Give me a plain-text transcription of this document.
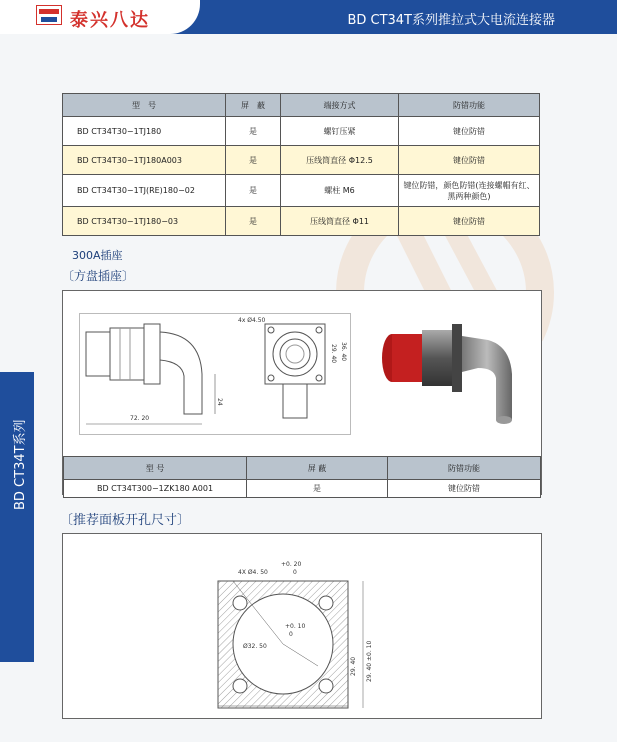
泰兴八达	BD CT34T系列推拉式大电流连接器
BD CT34T系列
型　号	屏　蔽	端接方式	防错功能
BD CT34T30−1TJ180	是	螺钉压紧	键位防错
BD CT34T30−1TJ180A003	是	压线筒直径 Φ12.5	键位防错
BD CT34T30−1TJ(RE)180−02	是	螺柱 M6	键位防错，颜色防错(连接螺帽有红、黑两种颜色)
BD CT34T30−1TJ180−03	是	压线筒直径 Φ11	键位防错
300A插座
〔方盘插座〕
72. 20
24
4x Ø4.50
29. 40 36. 40
型 号	屏 蔽	防错功能
BD CT34T300−1ZK180 A001	是	键位防错
〔推荐面板开孔尺寸〕
+0. 20
4X Ø4. 50	0
+0. 10
0
Ø32. 50
29. 40 29. 40 ±0. 10
